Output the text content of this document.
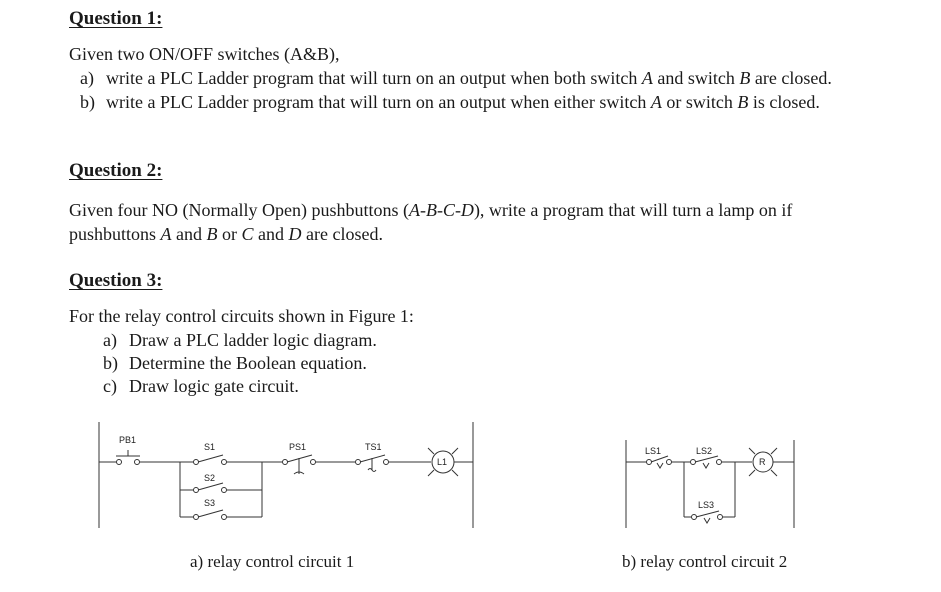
Question 1:
Given two ON/OFF switches (A&B),
a) write a PLC Ladder program that will turn on an output when both switch A and switch B are closed.
b) write a PLC Ladder program that will turn on an output when either switch A or switch B is closed.
Question 2:
Given four NO (Normally Open) pushbuttons (A-B-C-D), write a program that will turn a lamp on if
pushbuttons A and B or C and D are closed.
Question 3:
For the relay control circuits shown in Figure 1:
a) Draw a PLC ladder logic diagram.
b) Determine the Boolean equation.
c) Draw logic gate circuit.
PB1
S1
S2
S3
PS1	TS1
L1
LS1	LS2
LS3
R
a) relay control circuit 1	b) relay control circuit 2
